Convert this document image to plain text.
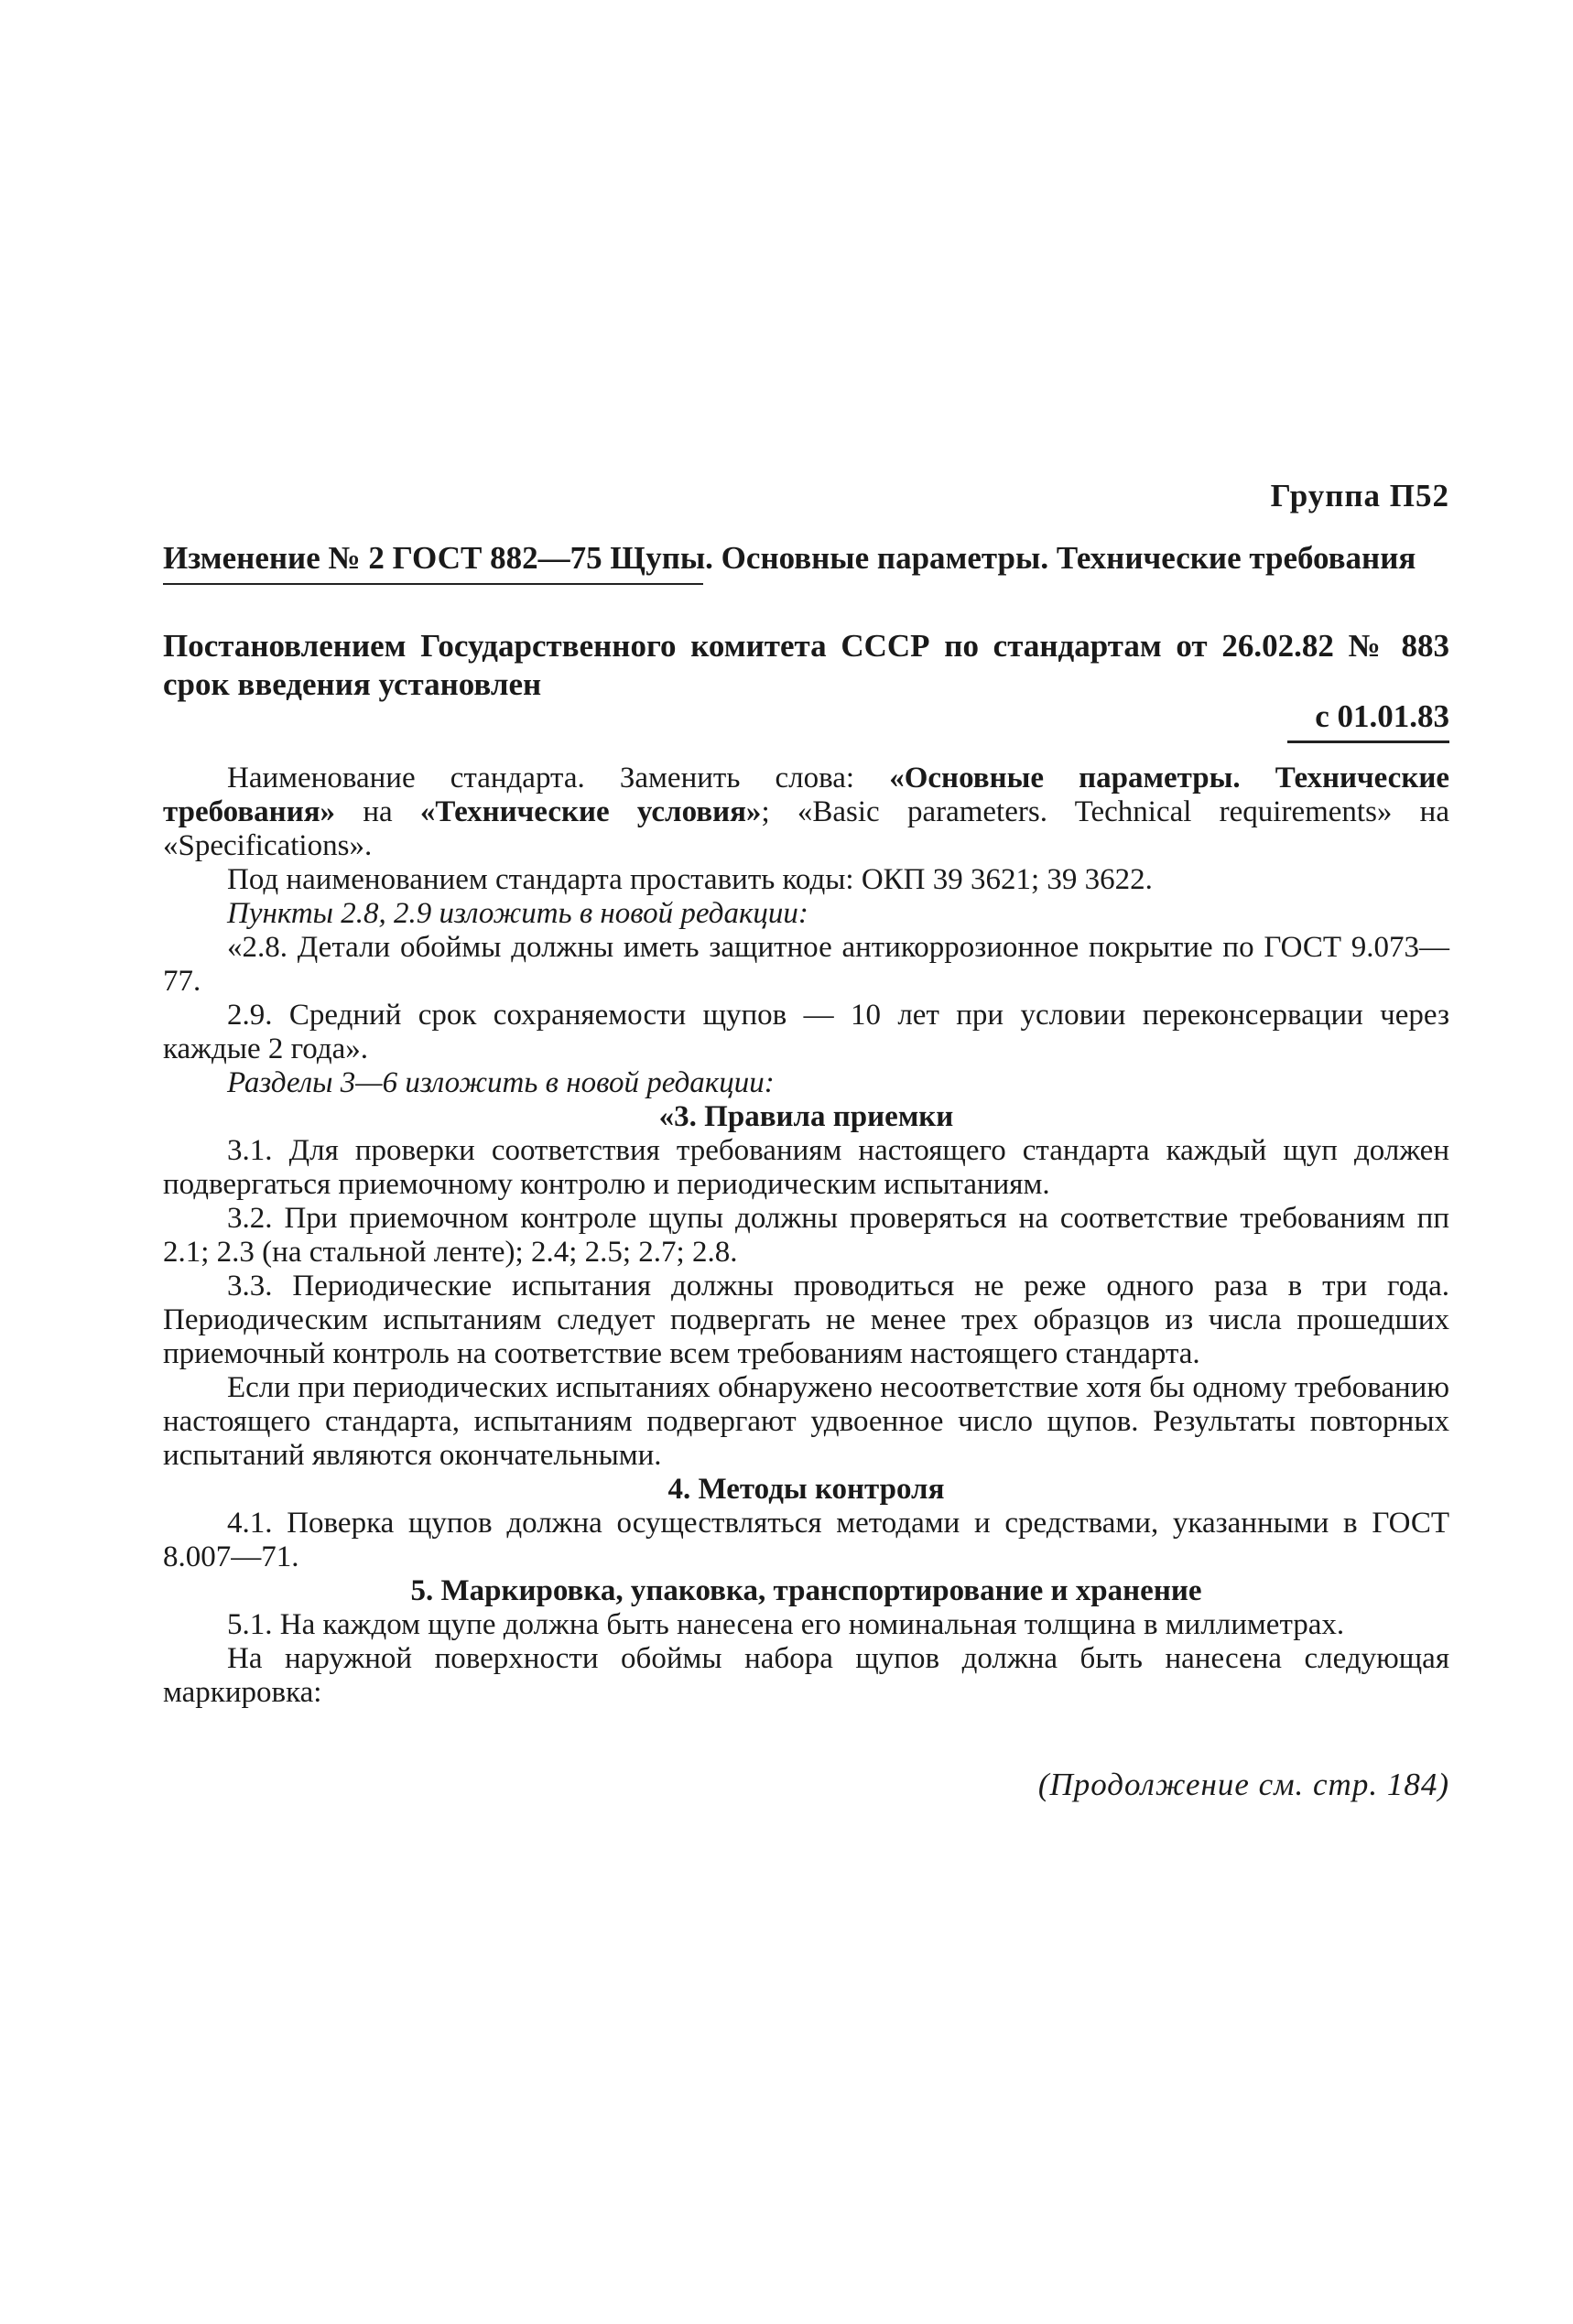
Группа П52
Изменение № 2 ГОСТ 882—75 Щупы. Основные параметры. Технические требования
Постановлением Государственного комитета СССР по стандартам от 26.02.82 № 883 срок введения установлен
с 01.01.83

Наименование стандарта. Заменить слова: «Основные параметры. Технические требования» на «Технические условия»; «Basic parameters. Technical requirements» на «Specifications».

Под наименованием стандарта проставить коды: ОКП 39 3621; 39 3622.

Пункты 2.8, 2.9 изложить в новой редакции:

«2.8. Детали обоймы должны иметь защитное антикоррозионное покрытие по ГОСТ 9.073—77.

2.9. Средний срок сохраняемости щупов — 10 лет при условии переконсервации через каждые 2 года».

Разделы 3—6 изложить в новой редакции:

«3. Правила приемки

3.1. Для проверки соответствия требованиям настоящего стандарта каждый щуп должен подвергаться приемочному контролю и периодическим испытаниям.

3.2. При приемочном контроле щупы должны проверяться на соответствие требованиям пп 2.1; 2.3 (на стальной ленте); 2.4; 2.5; 2.7; 2.8.

3.3. Периодические испытания должны проводиться не реже одного раза в три года. Периодическим испытаниям следует подвергать не менее трех образцов из числа прошедших приемочный контроль на соответствие всем требованиям настоящего стандарта.

Если при периодических испытаниях обнаружено несоответствие хотя бы одному требованию настоящего стандарта, испытаниям подвергают удвоенное число щупов. Результаты повторных испытаний являются окончательными.

4. Методы контроля

4.1. Поверка щупов должна осуществляться методами и средствами, указанными в ГОСТ 8.007—71.

5. Маркировка, упаковка, транспортирование и хранение

5.1. На каждом щупе должна быть нанесена его номинальная толщина в миллиметрах.

На наружной поверхности обоймы набора щупов должна быть нанесена следующая маркировка:

(Продолжение см. стр. 184)
